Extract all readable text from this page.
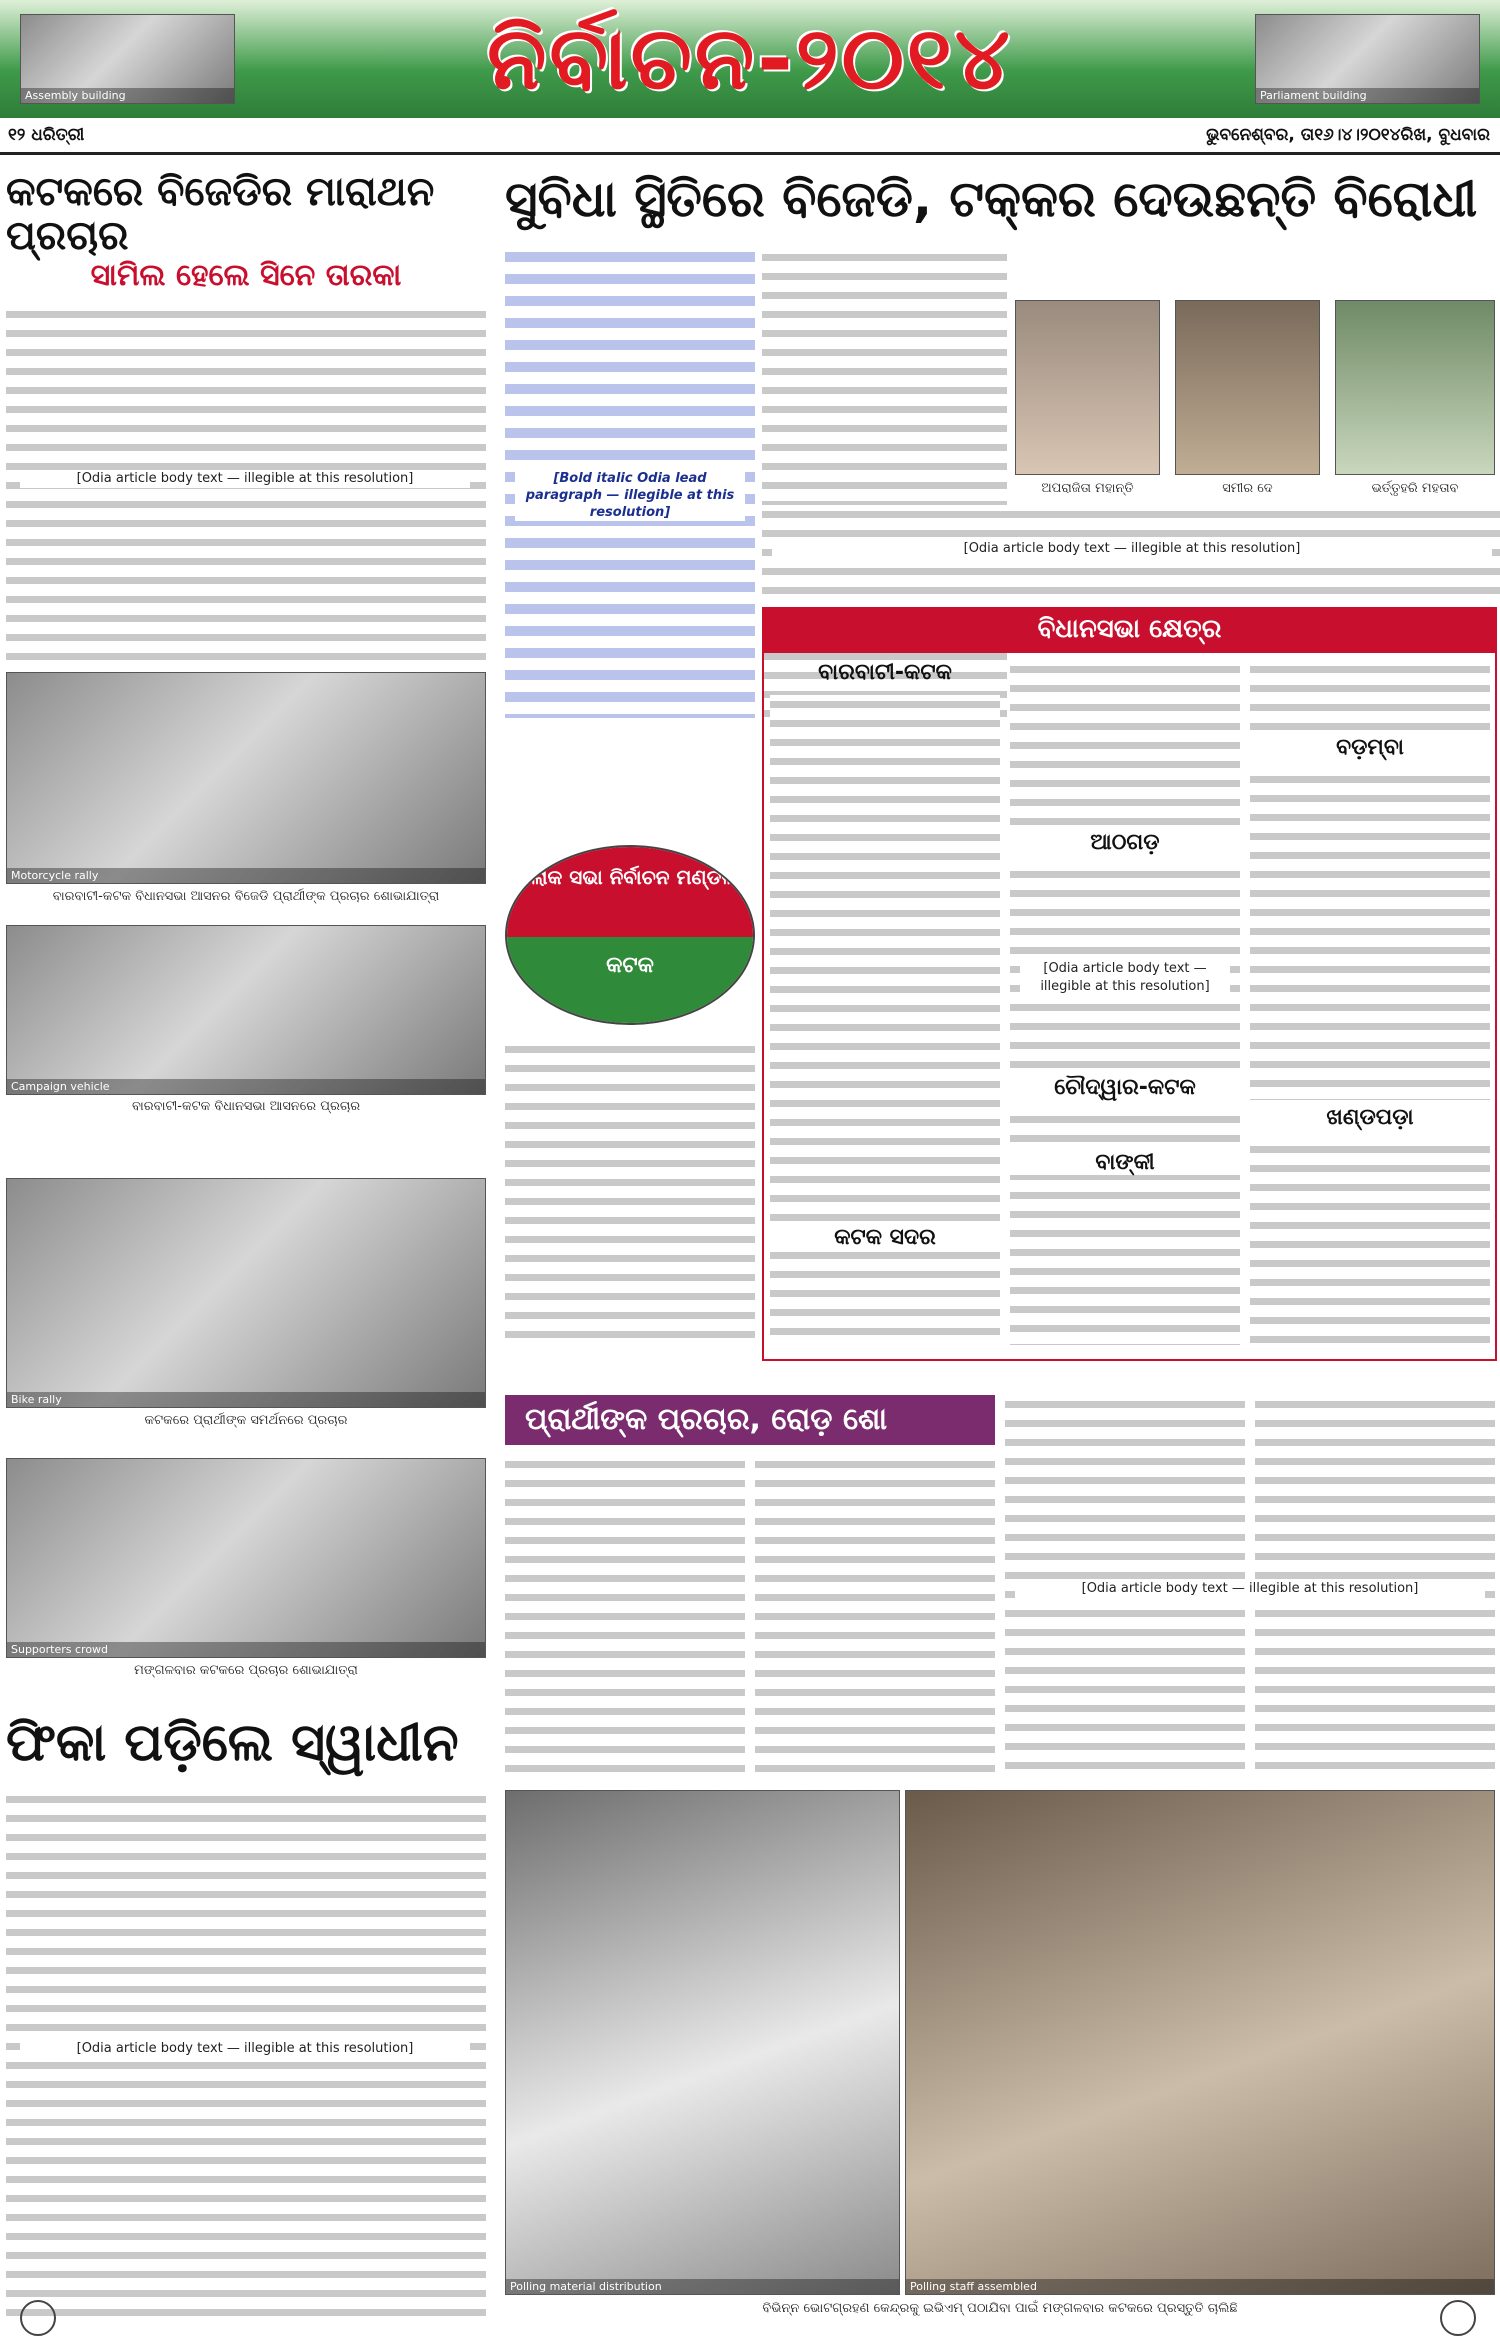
Assembly building	ନିର୍ବାଚନ-୨୦୧୪	Parliament building
୧୨ ଧରିତ୍ରୀ	ଭୁବନେଶ୍ବର, ତା୧୬।୪।୨୦୧୪ରିଖ, ବୁଧବାର
କଟକରେ ବିଜେଡିର ମାରାଥନ ପ୍ରଚାର
ସାମିଲ ହେଲେ ସିନେ ତାରକା
[Odia article body text — illegible at this resolution]
Motorcycle rally
ବାରବାଟୀ-କଟକ ବିଧାନସଭା ଆସନର ବିଜେଡି ପ୍ରାର୍ଥୀଙ୍କ ପ୍ରଚାର ଶୋଭାଯାତ୍ରା
Campaign vehicle
ବାରବାଟୀ-କଟକ ବିଧାନସଭା ଆସନରେ ପ୍ରଚାର
Bike rally
କଟକରେ ପ୍ରାର୍ଥୀଙ୍କ ସମର୍ଥନରେ ପ୍ରଚାର
Supporters crowd
ମଙ୍ଗଳବାର କଟକରେ ପ୍ରଚାର ଶୋଭାଯାତ୍ରା
ଫିକା ପଡ଼ିଲେ ସ୍ୱାଧୀନ
[Odia article body text — illegible at this resolution]
ସୁବିଧା ସ୍ଥିତିରେ ବିଜେଡି, ଟକ୍କର ଦେଉଛନ୍ତି ବିରୋଧୀ
[Bold italic Odia lead paragraph — illegible at this resolution]
[Odia article body text — illegible at this resolution]
ଅପରାଜିତା ମହାନ୍ତି	ସମୀର ଦେ	ଭର୍ତ୍ତୃହରି ମହତାବ
ଲୋକ ସଭା ନିର୍ବାଚନ ମଣ୍ଡଳୀ
କଟକ
ବିଧାନସଭା କ୍ଷେତ୍ର
ବାରବାଟୀ-କଟକ
ଆଠଗଡ଼
ଚୌଦ୍ୱାର-କଟକ
କଟକ ସଦର
ବାଙ୍କୀ
ବଡ଼ମ୍ବା
ଖଣ୍ଡପଡ଼ା
[Odia article body text — illegible at this resolution]
ପ୍ରାର୍ଥୀଙ୍କ ପ୍ରଚାର, ରୋଡ଼ ଶୋ
[Odia article body text — illegible at this resolution]
Polling material distribution	Polling staff assembled
ବିଭିନ୍ନ ଭୋଟଗ୍ରହଣ କେନ୍ଦ୍ରକୁ ଇଭିଏମ୍ ପଠାଯିବା ପାଇଁ ମଙ୍ଗଳବାର କଟକରେ ପ୍ରସ୍ତୁତି ଚାଲିଛି
